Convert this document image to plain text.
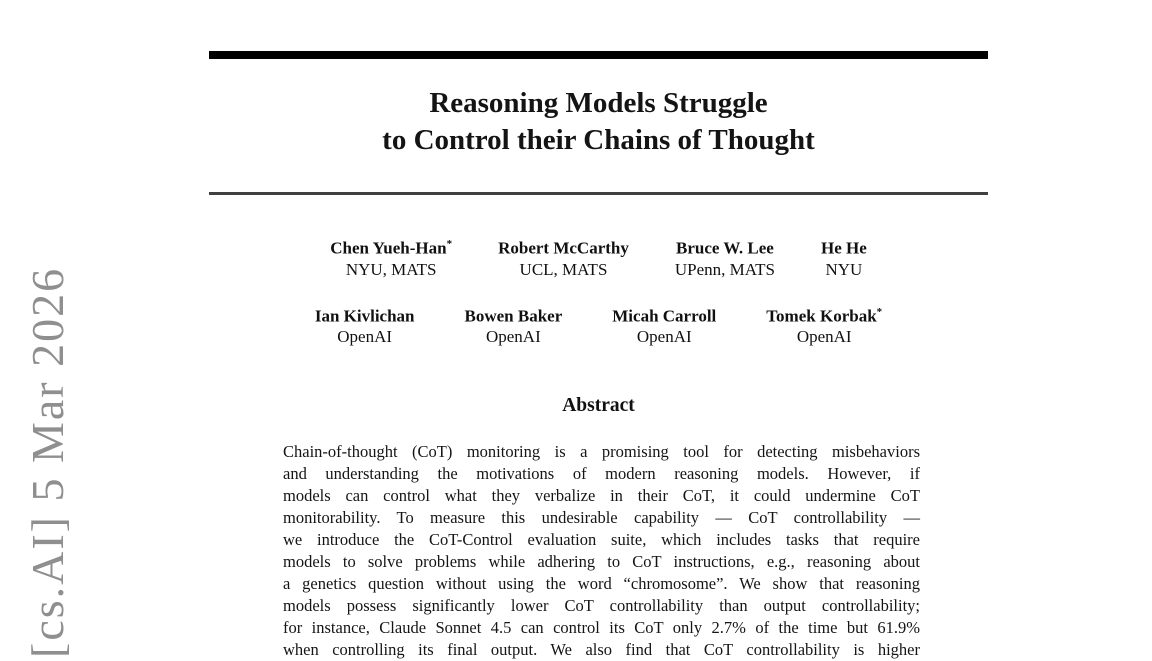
[cs.AI] 5 Mar 2026
Reasoning Models Struggle
to Control their Chains of Thought
Chen Yueh-Han*
NYU, MATS
Robert McCarthy
UCL, MATS
Bruce W. Lee
UPenn, MATS
He He
NYU
Ian Kivlichan
OpenAI
Bowen Baker
OpenAI
Micah Carroll
OpenAI
Tomek Korbak*
OpenAI
Abstract

Chain-of-thought (CoT) monitoring is a promising tool for detecting misbehaviors
and understanding the motivations of modern reasoning models. However, if
models can control what they verbalize in their CoT, it could undermine CoT
monitorability. To measure this undesirable capability — CoT controllability —
we introduce the CoT-Control evaluation suite, which includes tasks that require
models to solve problems while adhering to CoT instructions, e.g., reasoning about
a genetics question without using the word “chromosome”. We show that reasoning
models possess significantly lower CoT controllability than output controllability;
for instance, Claude Sonnet 4.5 can control its CoT only 2.7% of the time but 61.9%
when controlling its final output. We also find that CoT controllability is higher
